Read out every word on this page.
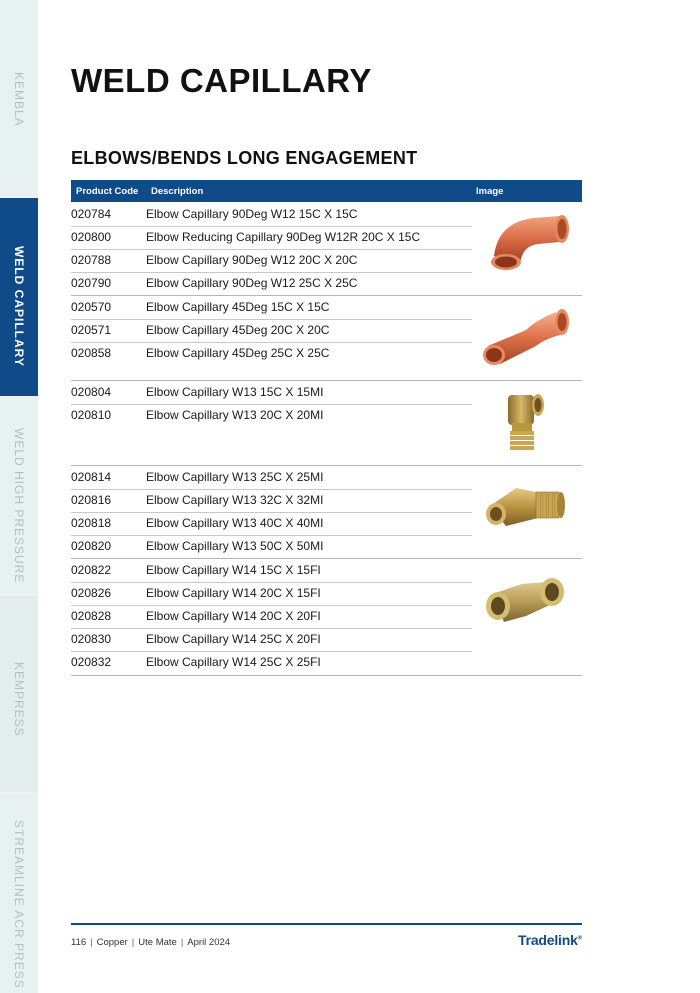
KEMBLA
WELD CAPILLARY
WELD HIGH PRESSURE
KEMPRESS
STREAMLINE ACR PRESS
WELD CAPILLARY
ELBOWS/BENDS LONG ENGAGEMENT
Product Code Description	Image
020784	Elbow Capillary 90Deg W12 15C X 15C
020800	Elbow Reducing Capillary 90Deg W12R 20C X 15C
020788	Elbow Capillary 90Deg W12 20C X 20C
020790	Elbow Capillary 90Deg W12 25C X 25C
020570	Elbow Capillary 45Deg 15C X 15C
020571	Elbow Capillary 45Deg 20C X 20C
020858	Elbow Capillary 45Deg 25C X 25C
020804	Elbow Capillary W13 15C X 15MI
020810	Elbow Capillary W13 20C X 20MI
020814	Elbow Capillary W13 25C X 25MI
020816	Elbow Capillary W13 32C X 32MI
020818	Elbow Capillary W13 40C X 40MI
020820	Elbow Capillary W13 50C X 50MI
020822	Elbow Capillary W14 15C X 15FI
020826	Elbow Capillary W14 20C X 15FI
020828	Elbow Capillary W14 20C X 20FI
020830	Elbow Capillary W14 25C X 20FI
020832	Elbow Capillary W14 25C X 25FI
116 | Copper | Ute Mate | April 2024	Tradelink®
